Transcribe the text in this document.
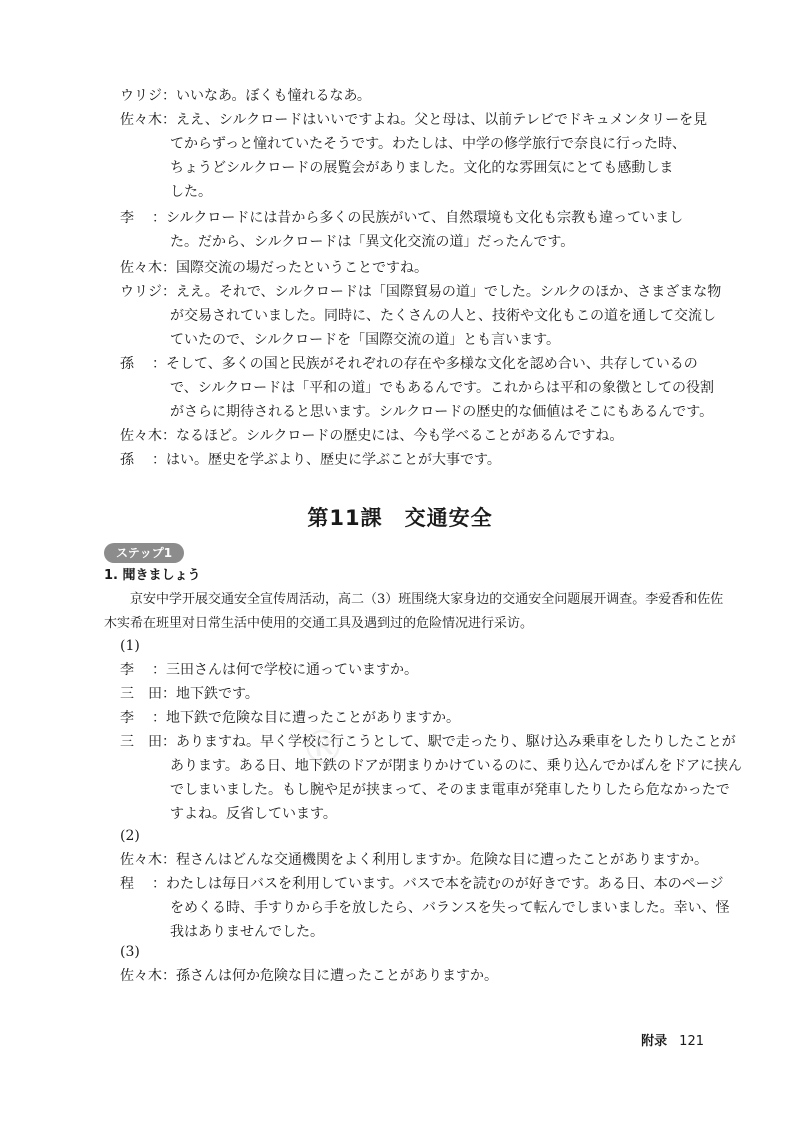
®
ウリジ：いいなあ。ぼくも憧れるなあ。
佐々木：ええ、シルクロードはいいですよね。父と母は、以前テレビでドキュメンタリーを見
てからずっと憧れていたそうです。わたしは、中学の修学旅行で奈良に行った時、
ちょうどシルクロードの展覧会がありました。文化的な雰囲気にとても感動しま
した。
李 ：シルクロードには昔から多くの民族がいて、自然環境も文化も宗教も違っていまし
た。だから、シルクロードは「異文化交流の道」だったんです。
佐々木：国際交流の場だったということですね。
ウリジ：ええ。それで、シルクロードは「国際貿易の道」でした。シルクのほか、さまざまな物
が交易されていました。同時に、たくさんの人と、技術や文化もこの道を通して交流し
ていたので、シルクロードを「国際交流の道」とも言います。
孫 ：そして、多くの国と民族がそれぞれの存在や多様な文化を認め合い、共存しているの
で、シルクロードは「平和の道」でもあるんです。これからは平和の象徴としての役割
がさらに期待されると思います。シルクロードの歴史的な価値はそこにもあるんです。
佐々木：なるほど。シルクロードの歴史には、今も学べることがあるんですね。
孫 ：はい。歴史を学ぶより、歴史に学ぶことが大事です。
第11課　交通安全
ステップ1
1. 聞きましょう

京安中学开展交通安全宣传周活动，高二（3）班围绕大家身边的交通安全问题展开调查。李爱香和佐佐木实希在班里对日常生活中使用的交通工具及遇到过的危险情况进行采访。

(1)
李 ：三田さんは何で学校に通っていますか。
三　田：地下鉄です。
李 ：地下鉄で危険な目に遭ったことがありますか。
三　田：ありますね。早く学校に行こうとして、駅で走ったり、駆け込み乗車をしたりしたことが
あります。ある日、地下鉄のドアが閉まりかけているのに、乗り込んでかばんをドアに挟ん
でしまいました。もし腕や足が挟まって、そのまま電車が発車したりしたら危なかったで
すよね。反省しています。
(2)
佐々木：程さんはどんな交通機関をよく利用しますか。危険な目に遭ったことがありますか。
程 ：わたしは毎日バスを利用しています。バスで本を読むのが好きです。ある日、本のページ
をめくる時、手すりから手を放したら、バランスを失って転んでしまいました。幸い、怪
我はありませんでした。
(3)
佐々木：孫さんは何か危険な目に遭ったことがありますか。
附录 121
